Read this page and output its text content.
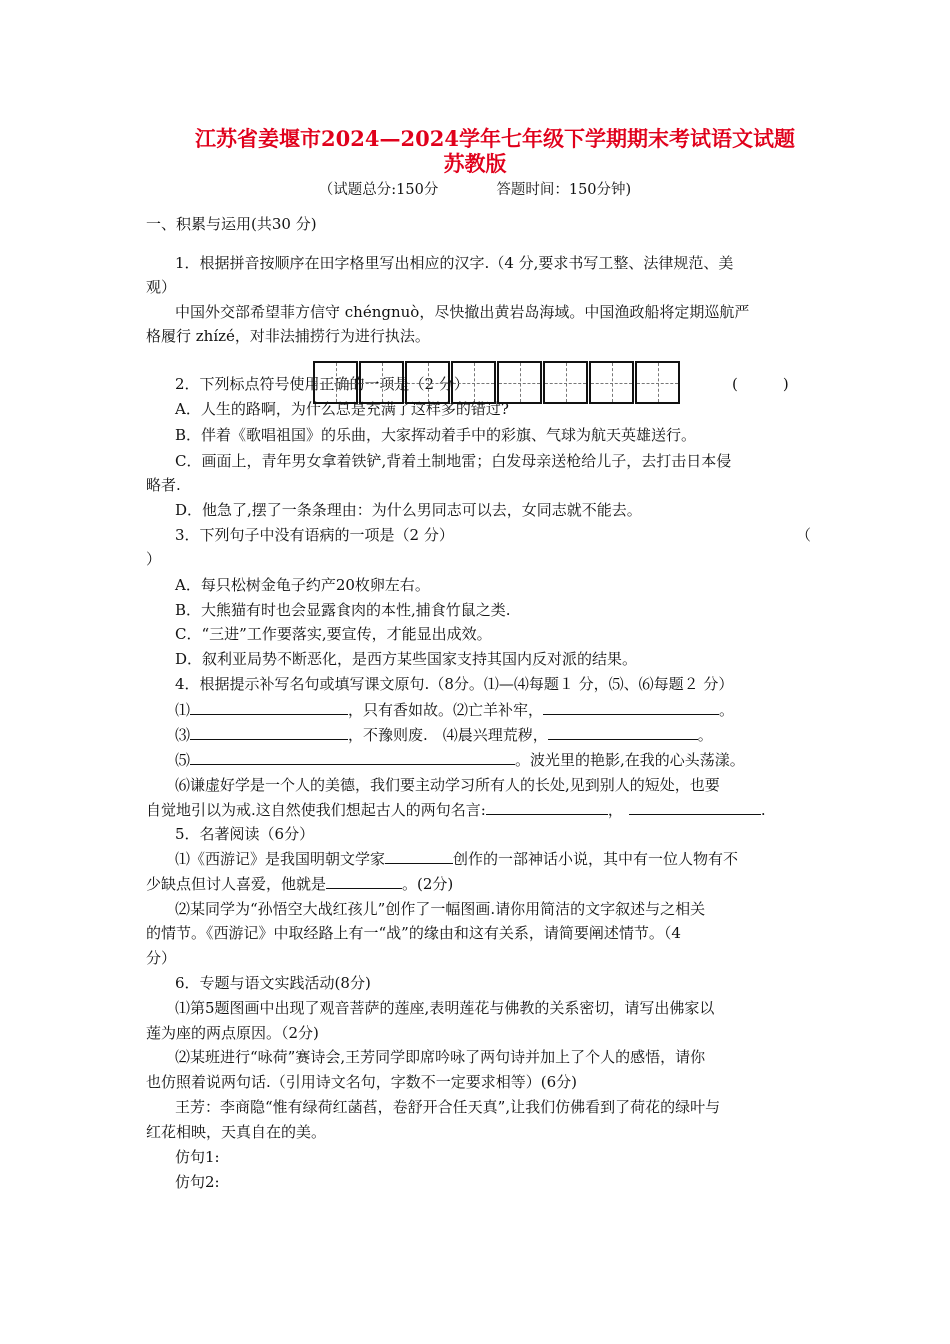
江苏省姜堰市2024—2024学年七年级下学期期末考试语文试题
苏教版
（试题总分:150分	答题时间：150分钟)
一、积累与运用(共30 分)
1．根据拼音按顺序在田字格里写出相应的汉字.（4 分,要求书写工整、法律规范、美
观）
中国外交部希望菲方信守 chéngnuò，尽快撤出黄岩岛海域。中国渔政船将定期巡航严
格履行 zhízé，对非法捕捞行为进行执法。
2．下列标点符号使用正确的一项是（2 分）	(　　　)
A．人生的路啊，为什么总是充满了这样多的错过?
B．伴着《歌唱祖国》的乐曲，大家挥动着手中的彩旗、气球为航天英雄送行。
C．画面上，青年男女拿着铁铲,背着土制地雷；白发母亲送枪给儿子，去打击日本侵
略者.
D．他急了,摆了一条条理由：为什么男同志可以去，女同志就不能去。
3．下列句子中没有语病的一项是（2 分）	（
）
A．每只松树金龟子约产20枚卵左右。
B．大熊猫有时也会显露食肉的本性,捕食竹鼠之类.
C．“三进”工作要落实,要宣传，才能显出成效。
D．叙利亚局势不断恶化，是西方某些国家支持其国内反对派的结果。
4．根据提示补写名句或填写课文原句.（8分。⑴—⑷每题１ 分，⑸、⑹每题２ 分）
⑴	，只有香如故。⑵亡羊补牢，	。
⑶	，不豫则废.　⑷晨兴理荒秽，	。
⑸	。波光里的艳影,在我的心头荡漾。
⑹谦虚好学是一个人的美德，我们要主动学习所有人的长处,见到别人的短处，也要
自觉地引以为戒.这自然使我们想起古人的两句名言:	，	.
5．名著阅读（6分）
⑴《西游记》是我国明朝文学家	创作的一部神话小说，其中有一位人物有不
少缺点但讨人喜爱，他就是	。(2分)
⑵某同学为“孙悟空大战红孩儿”创作了一幅图画.请你用简洁的文字叙述与之相关
的情节。《西游记》中取经路上有一“战”的缘由和这有关系，请简要阐述情节。（4
分）
6．专题与语文实践活动(8分)
⑴第5题图画中出现了观音菩萨的莲座,表明莲花与佛教的关系密切，请写出佛家以
莲为座的两点原因。（2分)
⑵某班进行“咏荷”赛诗会,王芳同学即席吟咏了两句诗并加上了个人的感悟，请你
也仿照着说两句话.（引用诗文名句，字数不一定要求相等）(6分)
王芳：李商隐“惟有绿荷红菡萏，卷舒开合任天真”,让我们仿佛看到了荷花的绿叶与
红花相映，天真自在的美。
仿句1:
仿句2:
